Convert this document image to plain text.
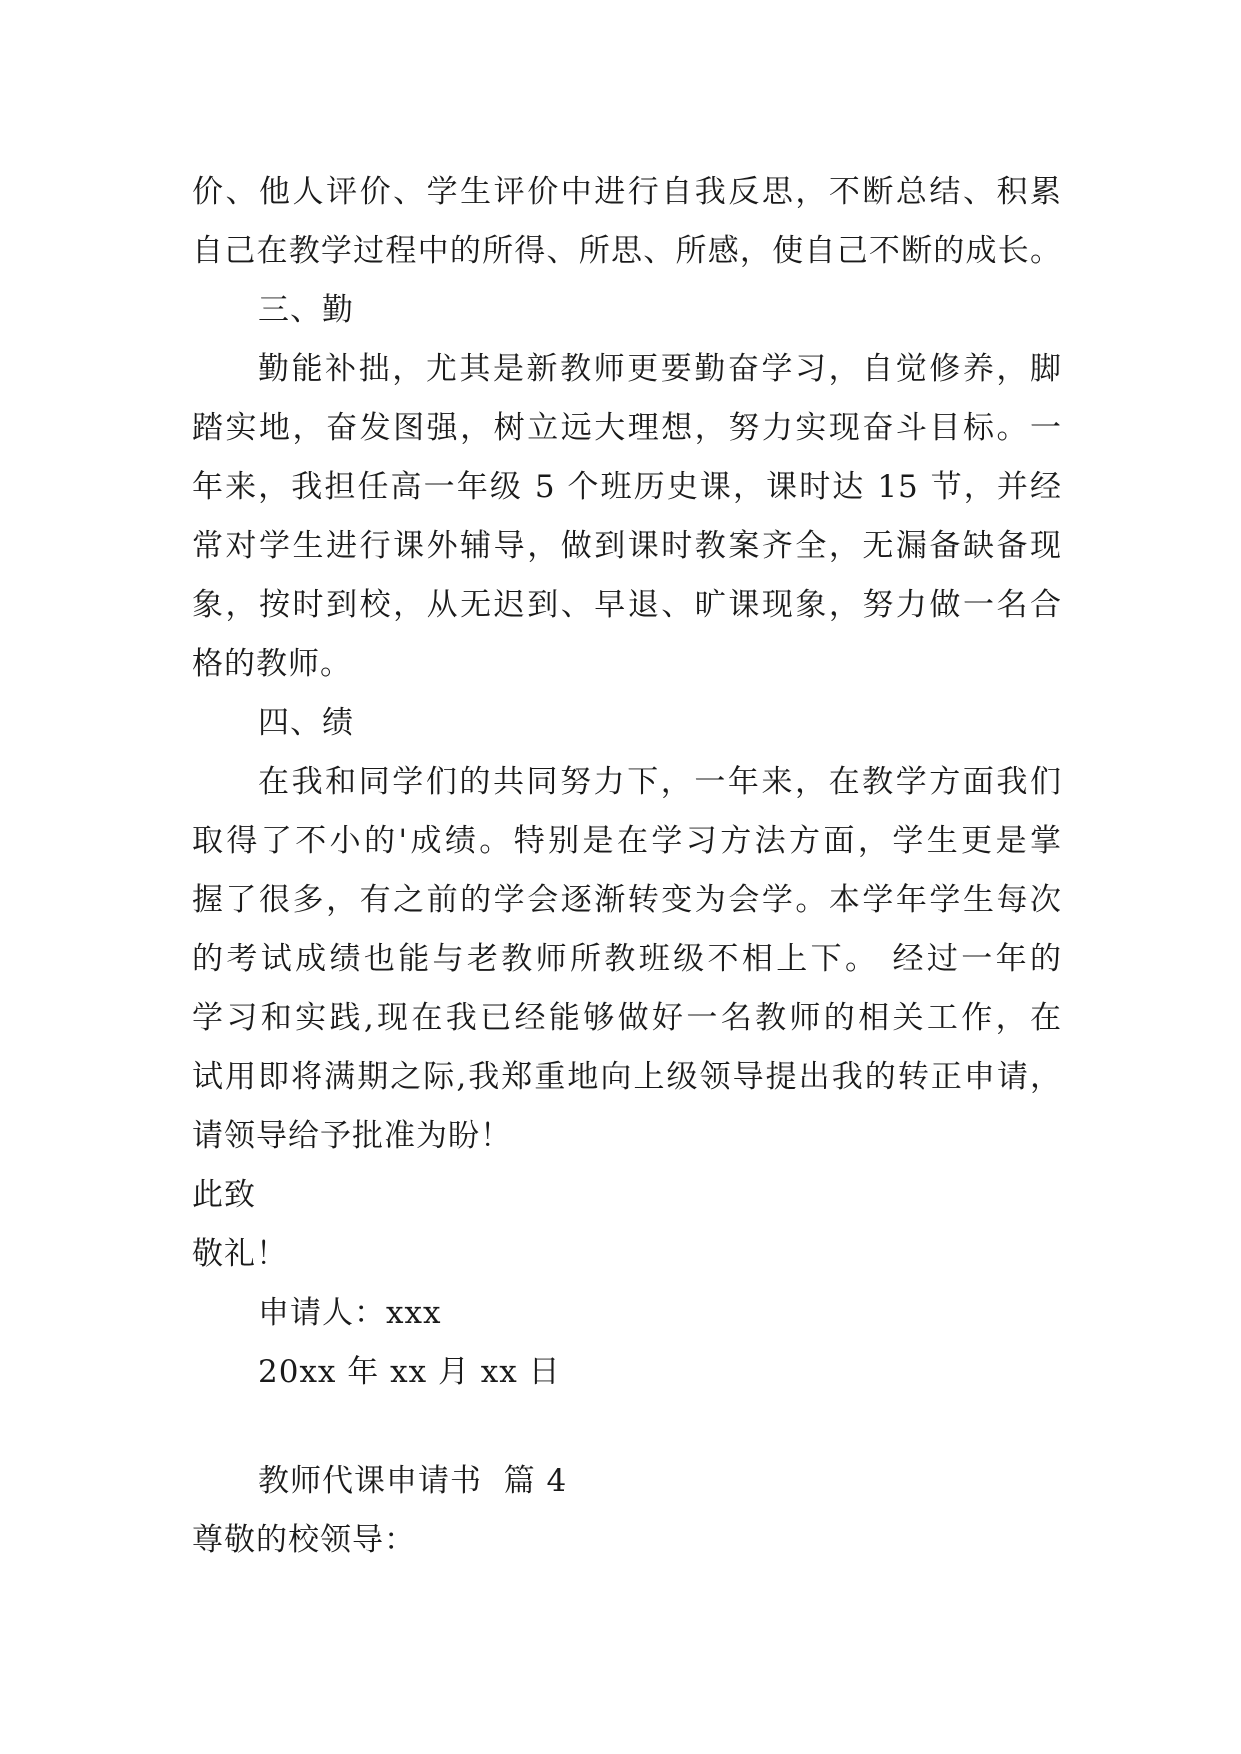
价、他人评价、学生评价中进行自我反思，不断总结、积累
自己在教学过程中的所得、所思、所感，使自己不断的成长。
三、勤
勤能补拙，尤其是新教师更要勤奋学习，自觉修养，脚
踏实地，奋发图强，树立远大理想，努力实现奋斗目标。一
年来，我担任高一年级 5 个班历史课，课时达 15 节，并经
常对学生进行课外辅导，做到课时教案齐全，无漏备缺备现
象，按时到校，从无迟到、早退、旷课现象，努力做一名合
格的教师。
四、绩
在我和同学们的共同努力下，一年来，在教学方面我们
取得了不小的'成绩。特别是在学习方法方面，学生更是掌
握了很多，有之前的学会逐渐转变为会学。本学年学生每次
的考试成绩也能与老教师所教班级不相上下。 经过一年的
学习和实践,现在我已经能够做好一名教师的相关工作，在
试用即将满期之际,我郑重地向上级领导提出我的转正申请，
请领导给予批准为盼！
此致
敬礼！
申请人：xxx
20xx 年 xx 月 xx 日
教师代课申请书  篇 4
尊敬的校领导：
